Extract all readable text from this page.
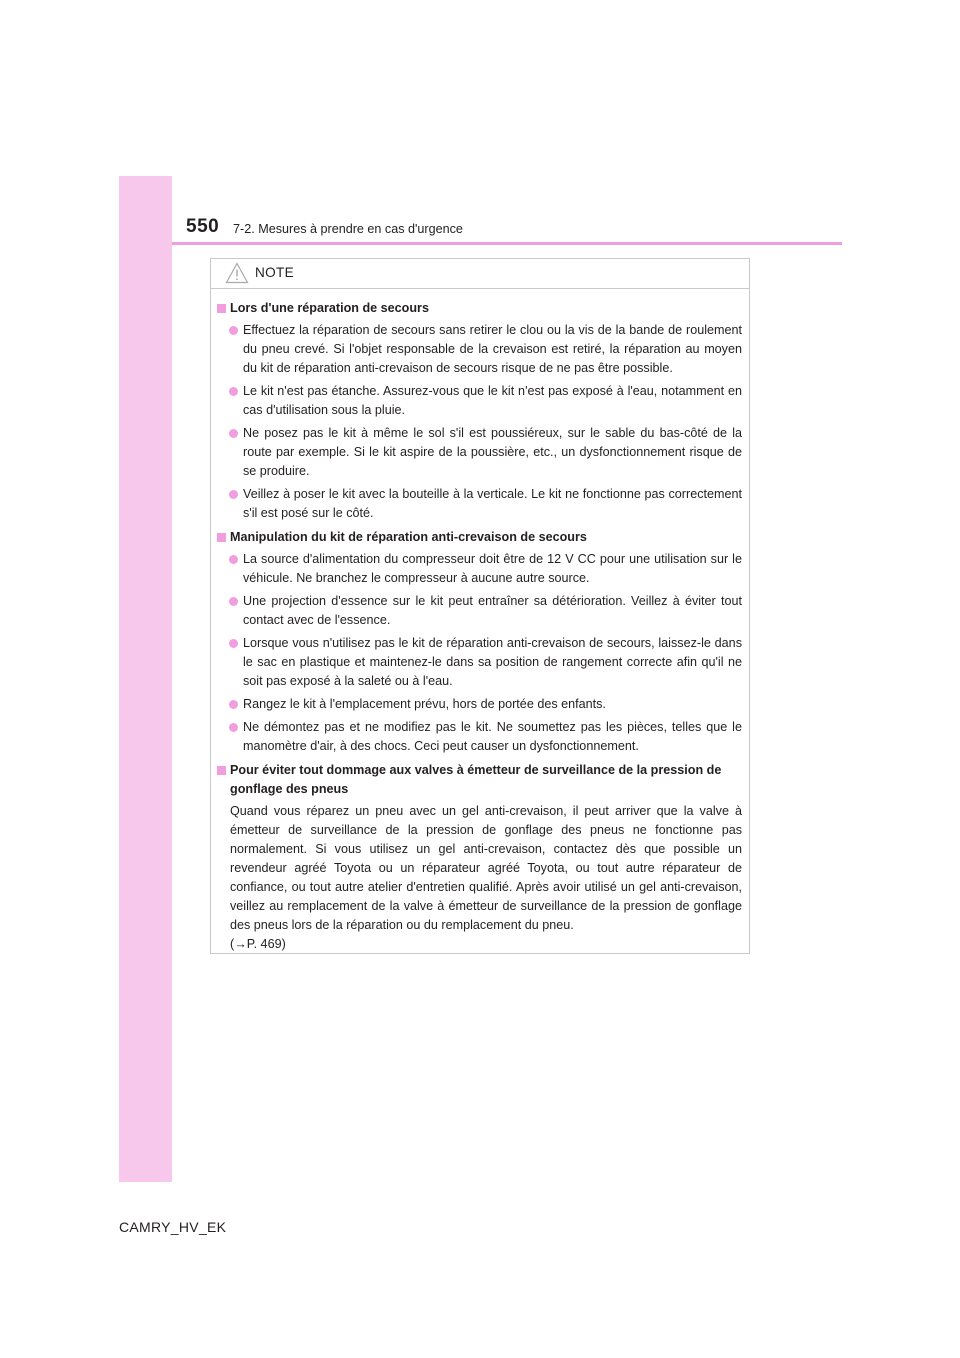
550 7-2. Mesures à prendre en cas d'urgence
NOTE
Lors d'une réparation de secours
Effectuez la réparation de secours sans retirer le clou ou la vis de la bande de roulement du pneu crevé. Si l'objet responsable de la crevaison est retiré, la réparation au moyen du kit de réparation anti-crevaison de secours risque de ne pas être possible.
Le kit n'est pas étanche. Assurez-vous que le kit n'est pas exposé à l'eau, notamment en cas d'utilisation sous la pluie.
Ne posez pas le kit à même le sol s'il est poussiéreux, sur le sable du bas-côté de la route par exemple. Si le kit aspire de la poussière, etc., un dysfonctionnement risque de se produire.
Veillez à poser le kit avec la bouteille à la verticale. Le kit ne fonctionne pas correctement s'il est posé sur le côté.
Manipulation du kit de réparation anti-crevaison de secours
La source d'alimentation du compresseur doit être de 12 V CC pour une utilisation sur le véhicule. Ne branchez le compresseur à aucune autre source.
Une projection d'essence sur le kit peut entraîner sa détérioration. Veillez à éviter tout contact avec de l'essence.
Lorsque vous n'utilisez pas le kit de réparation anti-crevaison de secours, laissez-le dans le sac en plastique et maintenez-le dans sa position de rangement correcte afin qu'il ne soit pas exposé à la saleté ou à l'eau.
Rangez le kit à l'emplacement prévu, hors de portée des enfants.
Ne démontez pas et ne modifiez pas le kit. Ne soumettez pas les pièces, telles que le manomètre d'air, à des chocs. Ceci peut causer un dysfonctionnement.
Pour éviter tout dommage aux valves à émetteur de surveillance de la pression de gonflage des pneus
Quand vous réparez un pneu avec un gel anti-crevaison, il peut arriver que la valve à émetteur de surveillance de la pression de gonflage des pneus ne fonctionne pas normalement. Si vous utilisez un gel anti-crevaison, contactez dès que possible un revendeur agréé Toyota ou un réparateur agréé Toyota, ou tout autre réparateur de confiance, ou tout autre atelier d'entretien qualifié. Après avoir utilisé un gel anti-crevaison, veillez au remplacement de la valve à émetteur de surveillance de la pression de gonflage des pneus lors de la réparation ou du remplacement du pneu.
(→P. 469)
CAMRY_HV_EK
